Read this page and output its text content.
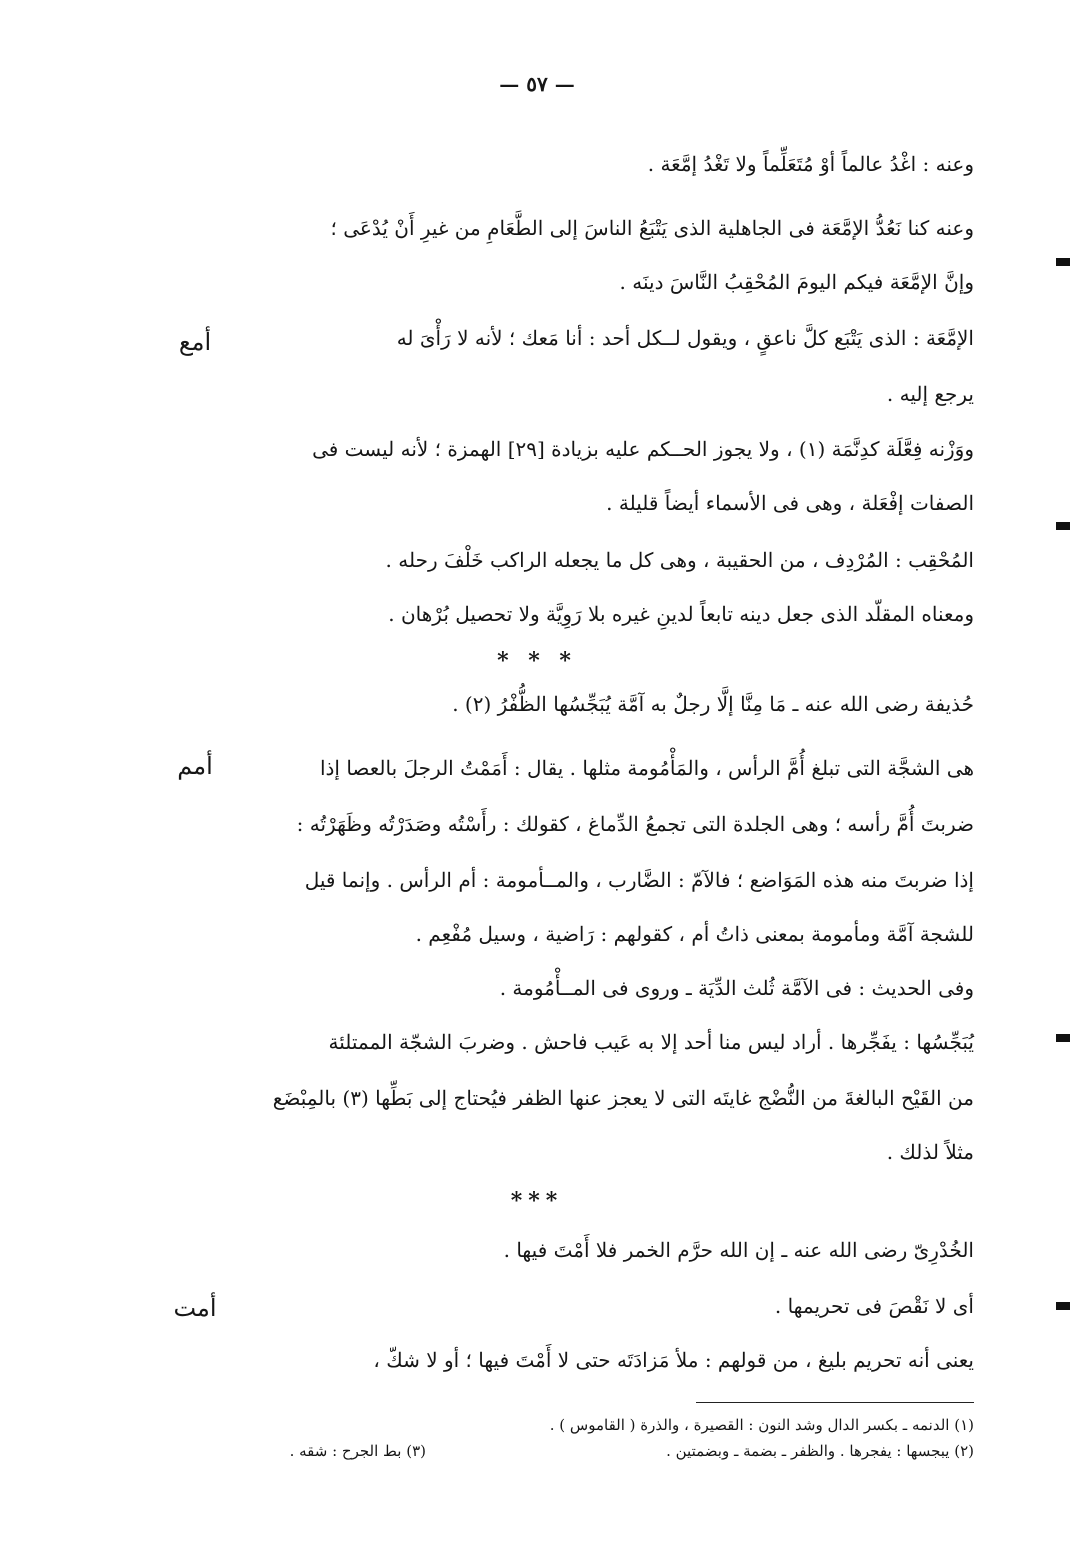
— ٥٧ —
أمع
أمم
أمت
وعنه : اغْدُ عالماً أوْ مُتَعَلِّماً ولا تَغْدُ إمَّعَة .
وعنه كنا نَعُدُّ الإمَّعَة فى الجاهلية الذى يَتْبَعُ الناسَ إلى الطَّعَامِ من غيرِ أَنْ يُدْعَى ؛
وإنَّ الإمَّعَة فيكم اليومَ المُحْقِبُ النَّاسَ دينَه .
الإمَّعَة : الذى يَتْبَع كلَّ ناعقٍ ، ويقول لــكل أحد : أنا مَعك ؛ لأنه لا رَأْىَ له
يرجع إليه .
ووَزْنه فِعَّلَة كدِنَّمَة (١) ، ولا يجوز الحــكم عليه بزيادة [٢٩] الهمزة ؛ لأنه ليست فى
الصفات إفْعَلة ، وهى فى الأسماء أيضاً قليلة .
المُحْقِب : المُرْدِف ، من الحقيبة ، وهى كل ما يجعله الراكب خَلْفَ رحله .
ومعناه المقلّد الذى جعل دينه تابعاً لدينِ غيره بلا رَوِيَّة ولا تحصيل بُرْهان .
* * *
حُذيفة رضى الله عنه ـ مَا مِنَّا إلَّا رجلٌ به آمَّة يُبَجِّسُها الظُّفْرُ (٢) .
هى الشجَّة التى تبلغ أُمَّ الرأس ، والمَأْمُومة مثلها . يقال : أَمَمْتُ الرجلَ بالعصا إذا
ضربتَ أُمَّ رأسه ؛ وهى الجلدة التى تجمعُ الدِّماغ ، كقولك : رأَسْتُه وصَدَرْتُه وظَهَرْتُه :
إذا ضربتَ منه هذه المَوَاضع ؛ فالآمّ : الضَّارب ، والمــأمومة : أم الرأس . وإنما قيل
للشجة آمَّة ومأمومة بمعنى ذاتُ أم ، كقولهم : رَاضية ، وسيل مُفْعِم .
وفى الحديث : فى الآمَّة ثُلث الدِّيَة ـ وروى فى المــأْمُومة .
يُبَجِّسُها : يفَجِّرها . أراد ليس منا أحد إلا به عَيب فاحش . وضربَ الشجّة الممتلئة
من القَيْح البالغةَ من النُّضْج غايتَه التى لا يعجز عنها الظفر فيُحتاج إلى بَطِّها (٣) بالمِبْضَع
مثلاً لذلك .
***
الخُدْرِىّ رضى الله عنه ـ إن الله حرَّم الخمر فلا أَمْتَ فيها .
أى لا نَقْصَ فى تحريمها .
يعنى أنه تحريم بليغ ، من قولهم : ملأ مَزادَتَه حتى لا أَمْتَ فيها ؛ أو لا شكّ ،
(١) الدنمه ـ بكسر الدال وشد النون : القصيرة ، والذرة ( القاموس ) .
(٢) يبجسها : يفجرها . والظفر ـ بضمة ـ وبضمتين .
(٣) بط الجرح : شقه .
